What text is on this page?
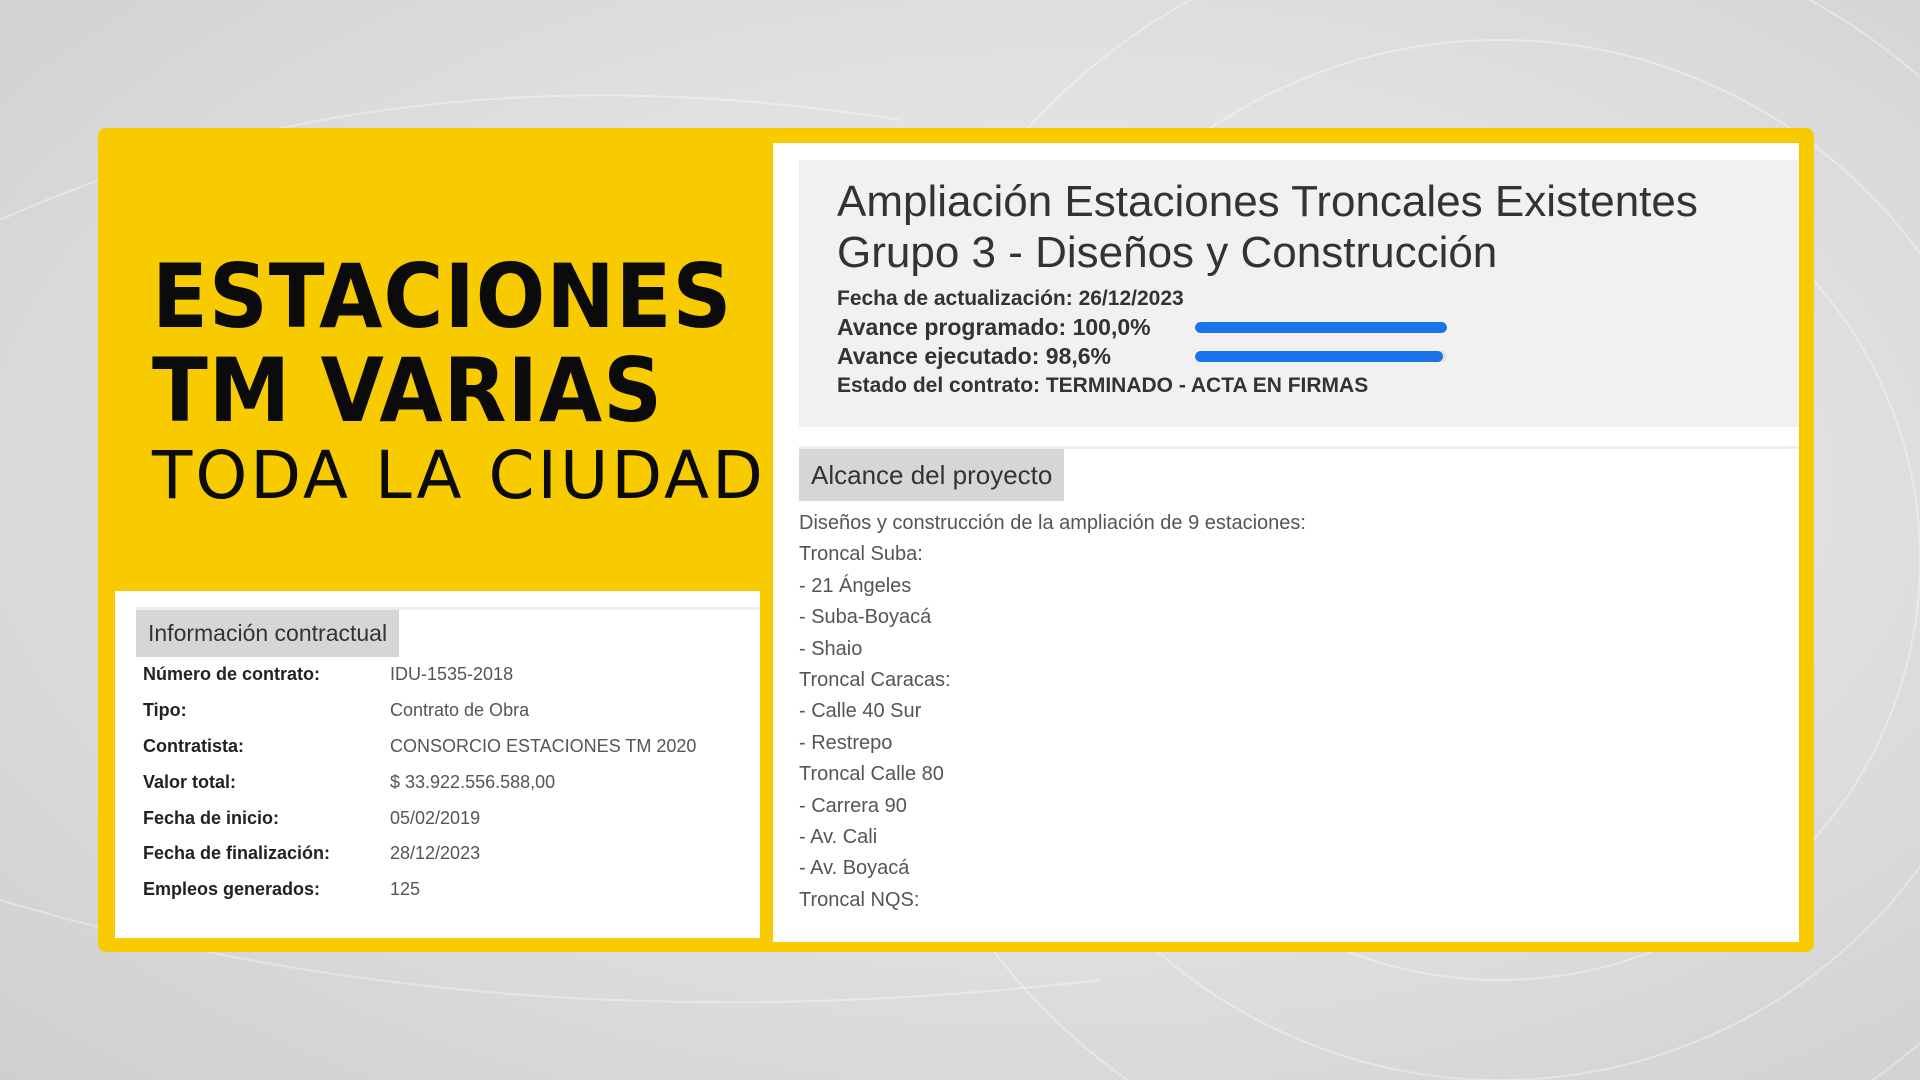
ESTACIONES
TM VARIAS
TODA LA CIUDAD
Información contractual
Número de contrato:	IDU-1535-2018
Tipo:	Contrato de Obra
Contratista:	CONSORCIO ESTACIONES TM 2020
Valor total:	$ 33.922.556.588,00
Fecha de inicio:	05/02/2019
Fecha de finalización:	28/12/2023
Empleos generados:	125
Ampliación Estaciones Troncales Existentes
Grupo 3 - Diseños y Construcción
Fecha de actualización: 26/12/2023
Avance programado: 100,0%
Avance ejecutado: 98,6%
Estado del contrato: TERMINADO - ACTA EN FIRMAS
Alcance del proyecto
Diseños y construcción de la ampliación de 9 estaciones:
Troncal Suba:
- 21 Ángeles
- Suba-Boyacá
- Shaio
Troncal Caracas:
- Calle 40 Sur
- Restrepo
Troncal Calle 80
- Carrera 90
- Av. Cali
- Av. Boyacá
Troncal NQS:
